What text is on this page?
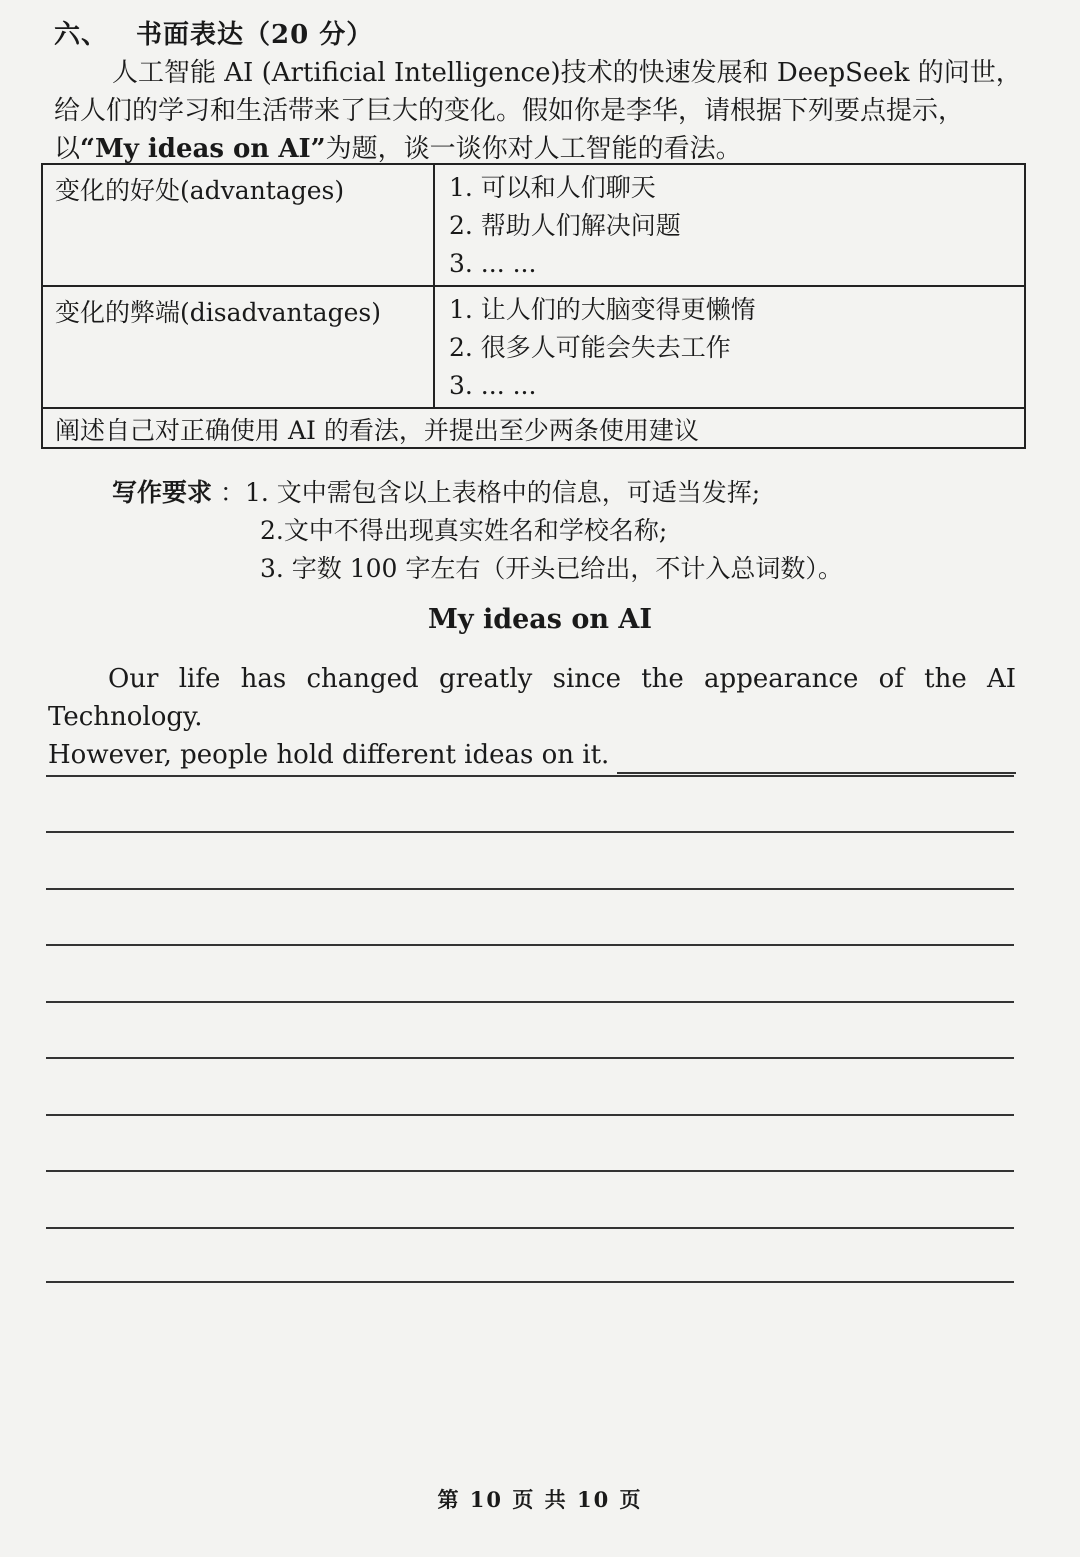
六、 书面表达（20 分）

人工智能 AI (Artificial Intelligence)技术的快速发展和 DeepSeek 的问世，

给人们的学习和生活带来了巨大的变化。假如你是李华，请根据下列要点提示，

以“My ideas on AI”为题，谈一谈你对人工智能的看法。

变化的好处(advantages)	1. 可以和人们聊天
2. 帮助人们解决问题
3. ... ...

变化的弊端(disadvantages)	1. 让人们的大脑变得更懒惰
2. 很多人可能会失去工作
3. ... ...

阐述自己对正确使用 AI 的看法，并提出至少两条使用建议	
写作要求 ：1. 文中需包含以上表格中的信息，可适当发挥;
2.文中不得出现真实姓名和学校名称;
3. 字数 100 字左右（开头已给出，不计入总词数）。
My ideas on AI
Our life has changed greatly since the appearance of the AI Technology.
However, people hold different ideas on it.
第 10 页 共 10 页
